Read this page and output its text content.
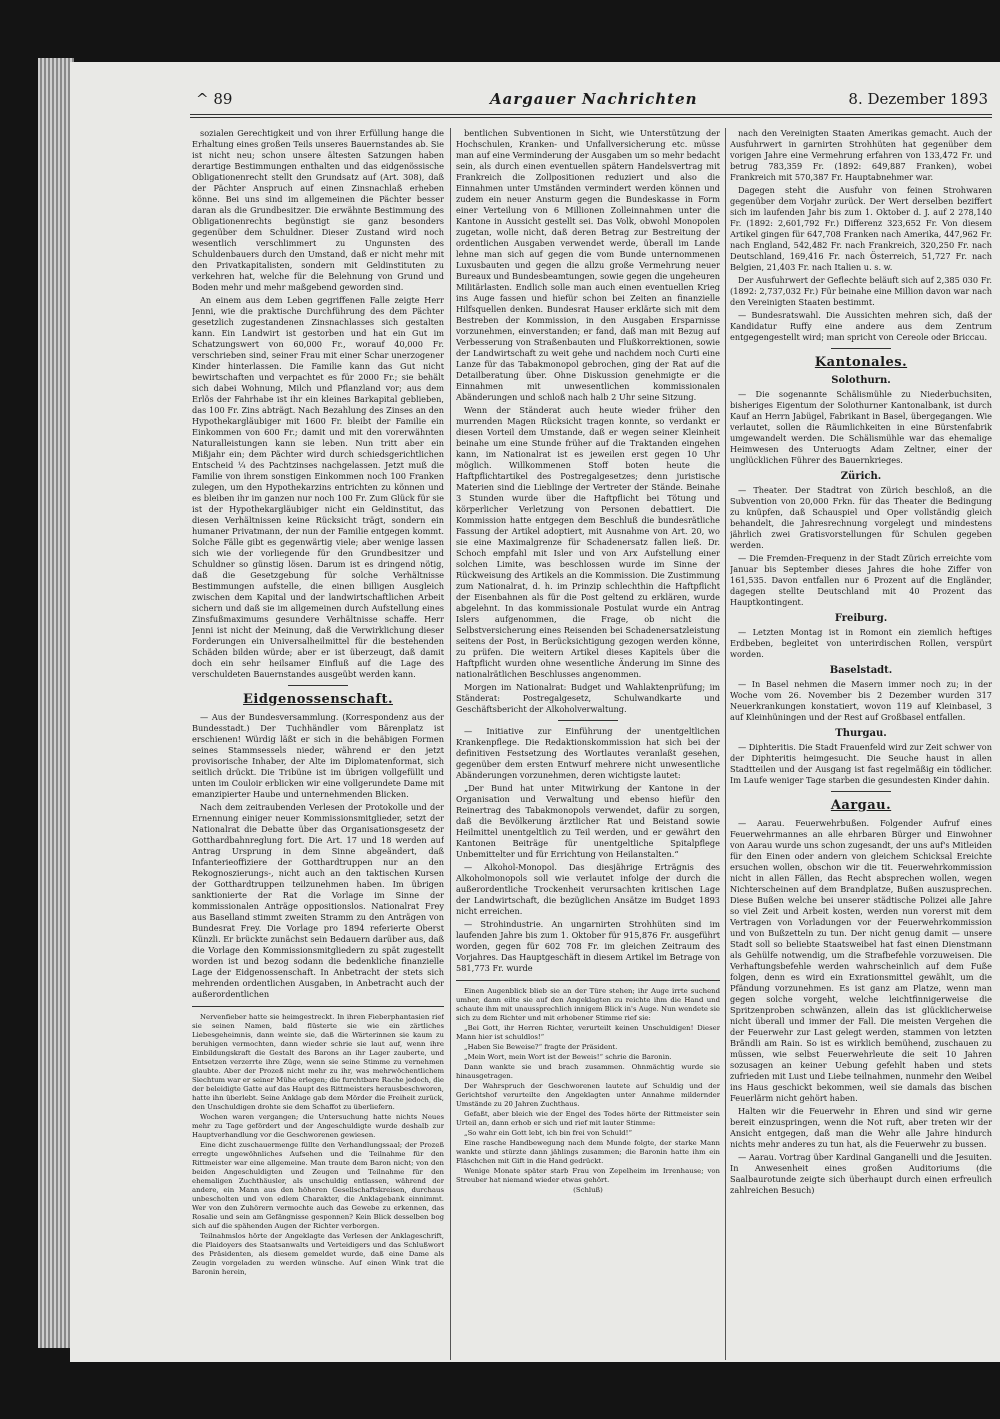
^ 89	Aargauer Nachrichten	8. Dezember 1893

sozialen Gerechtigkeit und von ihrer Erfüllung hange die Erhaltung eines großen Teils unseres Bauernstandes ab. Sie ist nicht neu; schon unsere ältesten Satzungen haben derartige Bestimmungen enthalten und das eidgenössische Obligationenrecht stellt den Grundsatz auf (Art. 308), daß der Pächter Anspruch auf einen Zinsnachlaß erheben könne. Bei uns sind im allgemeinen die Pächter besser daran als die Grundbesitzer. Die erwähnte Bestimmung des Obligationenrechts begünstigt sie ganz besonders gegenüber dem Schuldner. Dieser Zustand wird noch wesentlich verschlimmert zu Ungunsten des Schuldenbauers durch den Umstand, daß er nicht mehr mit den Privatkapitalisten, sondern mit Geldinstituten zu verkehren hat, welche für die Belehnung von Grund und Boden mehr und mehr maßgebend geworden sind.

An einem aus dem Leben gegriffenen Falle zeigte Herr Jenni, wie die praktische Durchführung des dem Pächter gesetzlich zugestandenen Zinsnachlasses sich gestalten kann. Ein Landwirt ist gestorben und hat ein Gut im Schatzungswert von 60,000 Fr., worauf 40,000 Fr. verschrieben sind, seiner Frau mit einer Schar unerzogener Kinder hinterlassen. Die Familie kann das Gut nicht bewirtschaften und verpachtet es für 2000 Fr.; sie behält sich dabei Wohnung, Milch und Pflanzland vor; aus dem Erlös der Fahrhabe ist ihr ein kleines Barkapital geblieben, das 100 Fr. Zins abträgt. Nach Bezahlung des Zinses an den Hypothekargläubiger mit 1600 Fr. bleibt der Familie ein Einkommen von 600 Fr.; damit und mit den vorerwähnten Naturalleistungen kann sie leben. Nun tritt aber ein Mißjahr ein; dem Pächter wird durch schiedsgerichtlichen Entscheid ¼ des Pachtzinses nachgelassen. Jetzt muß die Familie von ihrem sonstigen Einkommen noch 100 Franken zulegen, um den Hypothekarzins entrichten zu können und es bleiben ihr im ganzen nur noch 100 Fr. Zum Glück für sie ist der Hypothekargläubiger nicht ein Geldinstitut, das diesen Verhältnissen keine Rücksicht trägt, sondern ein humaner Privatmann, der nun der Familie entgegen kommt. Solche Fälle gibt es gegenwärtig viele; aber wenige lassen sich wie der vorliegende für den Grundbesitzer und Schuldner so günstig lösen. Darum ist es dringend nötig, daß die Gesetzgebung für solche Verhältnisse Bestimmungen aufstelle, die einen billigen Ausgleich zwischen dem Kapital und der landwirtschaftlichen Arbeit sichern und daß sie im allgemeinen durch Aufstellung eines Zinsfußmaximums gesundere Verhältnisse schaffe. Herr Jenni ist nicht der Meinung, daß die Verwirklichung dieser Forderungen ein Universalheilmittel für die bestehenden Schäden bilden würde; aber er ist überzeugt, daß damit doch ein sehr heilsamer Einfluß auf die Lage des verschuldeten Bauernstandes ausgeübt werden kann.

Eidgenossenschaft.

— Aus der Bundesversammlung. (Korrespondenz aus der Bundesstadt.) Der Tuchhändler vom Bärenplatz ist erschienen! Würdig läßt er sich in die behäbigen Formen seines Stammsessels nieder, während er den jetzt provisorische Inhaber, der Alte im Diplomatenformat, sich seitlich drückt. Die Tribüne ist im übrigen vollgefüllt und unten im Couloir erblicken wir eine vollgerundete Dame mit emanzipierter Haube und unternehmenden Blicken.

Nach dem zeitraubenden Verlesen der Protokolle und der Ernennung einiger neuer Kommissionsmitglieder, setzt der Nationalrat die Debatte über das Organisationsgesetz der Gotthardbahnreglung fort. Die Art. 17 und 18 werden auf Antrag Ursprung in dem Sinne abgeändert, daß Infanterieoffiziere der Gotthardtruppen nur an den Rekognoszierungs-, nicht auch an den taktischen Kursen der Gotthardtruppen teilzunehmen haben. Im übrigen sanktionierte der Rat die Vorlage im Sinne der kommissionalen Anträge oppositionslos. Nationalrat Frey aus Baselland stimmt zweiten Stramm zu den Anträgen von Bundesrat Frey. Die Vorlage pro 1894 referierte Oberst Künzli. Er brückte zunächst sein Bedauern darüber aus, daß die Vorlage den Kommissionsmitgliedern zu spät zugestellt worden ist und bezog sodann die bedenkliche finanzielle Lage der Eidgenossenschaft. In Anbetracht der stets sich mehrenden ordentlichen Ausgaben, in Anbetracht auch der außerordentlichen

Nervenfieber hatte sie heimgestreckt. In ihren Fieberphantasien rief sie seinen Namen, bald flüsterte sie wie ein zärtliches Liebesgeheimnis, dann weinte sie, daß die Wärterinnen sie kaum zu beruhigen vermochten, dann wieder schrie sie laut auf, wenn ihre Einbildungskraft die Gestalt des Barons an ihr Lager zauberte, und Entsetzen verzerrte ihre Züge, wenn sie seine Stimme zu vernehmen glaubte. Aber der Prozeß nicht mehr zu ihr, was mehrwöchentlichem Siechtum war er seiner Mühe erlegen; die furchtbare Rache jedoch, die der beleidigte Gatte auf das Haupt des Rittmeisters herausbeschworen, hatte ihn überlebt. Seine Anklage gab dem Mörder die Freiheit zurück, den Unschuldigen drohte sie dem Schaffot zu überliefern.

Wochen waren vergangen; die Untersuchung hatte nichts Neues mehr zu Tage gefördert und der Angeschuldigte wurde deshalb zur Hauptverhandlung vor die Geschworenen gewiesen.

Eine dicht zuschauermenge füllte den Verhandlungssaal; der Prozeß erregte ungewöhnliches Aufsehen und die Teilnahme für den Rittmeister war eine allgemeine. Man traute dem Baron nicht; von den beiden Angeschuldigten und Zeugen und Teilnahme für den ehemaligen Zuchthäusler, als unschuldig entlassen, während der andere, ein Mann aus den höheren Gesellschaftskreisen, durchaus unbescholten und von edlem Charakter, die Anklagebank einnimmt. Wer von den Zuhörern vermochte auch das Gewebe zu erkennen, das Rosalie und sein am Gefängnisse gesponnen? Kein Blick desselben bog sich auf die spähenden Augen der Richter verborgen.

Teilnahmslos hörte der Angeklagte das Verlesen der Anklageschrift, die Plaidoyers des Staatsanwalts und Verteidigers und das Schlußwort des Präsidenten, als diesem gemeldet wurde, daß eine Dame als Zeugin vorgeladen zu werden wünsche. Auf einen Wink trat die Baronin herein,

bentlichen Subventionen in Sicht, wie Unterstützung der Hochschulen, Kranken- und Unfallversicherung etc. müsse man auf eine Verminderung der Ausgaben um so mehr bedacht sein, als durch einen eventuellen spätern Handelsvertrag mit Frankreich die Zollpositionen reduziert und also die Einnahmen unter Umständen vermindert werden können und zudem ein neuer Ansturm gegen die Bundeskasse in Form einer Verteilung von 6 Millionen Zolleinnahmen unter die Kantone in Aussicht gestellt sei. Das Volk, obwohl Monopolen zugetan, wolle nicht, daß deren Betrag zur Bestreitung der ordentlichen Ausgaben verwendet werde, überall im Lande lehne man sich auf gegen die vom Bunde unternommenen Luxusbauten und gegen die allzu große Vermehrung neuer Bureaux und Bundesbeamtungen, sowie gegen die ungeheuren Militärlasten. Endlich solle man auch einen eventuellen Krieg ins Auge fassen und hiefür schon bei Zeiten an finanzielle Hilfsquellen denken. Bundesrat Hauser erklärte sich mit dem Bestreben der Kommission, in den Ausgaben Ersparnisse vorzunehmen, einverstanden; er fand, daß man mit Bezug auf Verbesserung von Straßenbauten und Flußkorrektionen, sowie der Landwirtschaft zu weit gehe und nachdem noch Curti eine Lanze für das Tabakmonopol gebrochen, ging der Rat auf die Detailberatung über. Ohne Diskussion genehmigte er die Einnahmen mit unwesentlichen kommissionalen Abänderungen und schloß nach halb 2 Uhr seine Sitzung.

Wenn der Ständerat auch heute wieder früher den murrenden Magen Rücksicht tragen konnte, so verdankt er diesen Vorteil dem Umstande, daß er wegen seiner Kleinheit beinahe um eine Stunde früher auf die Traktanden eingehen kann, im Nationalrat ist es jeweilen erst gegen 10 Uhr möglich. Willkommenen Stoff boten heute die Haftpflichtartikel des Postregalgesetzes; denn juristische Materien sind die Lieblinge der Vertreter der Stände. Beinahe 3 Stunden wurde über die Haftpflicht bei Tötung und körperlicher Verletzung von Personen debattiert. Die Kommission hatte entgegen dem Beschluß die bundesrätliche Fassung der Artikel adoptiert, mit Ausnahme von Art. 20, wo sie eine Maximalgrenze für Schadenersatz fallen ließ. Dr. Schoch empfahl mit Isler und von Arx Aufstellung einer solchen Limite, was beschlossen wurde im Sinne der Rückweisung des Artikels an die Kommission. Die Zustimmung zum Nationalrat, d. h. im Prinzip schlechthin die Haftpflicht der Eisenbahnen als für die Post geltend zu erklären, wurde abgelehnt. In das kommissionale Postulat wurde ein Antrag Islers aufgenommen, die Frage, ob nicht die Selbstversicherung eines Reisenden bei Schadenersatzleistung seitens der Post, in Berücksichtigung gezogen werden könne, zu prüfen. Die weitern Artikel dieses Kapitels über die Haftpflicht wurden ohne wesentliche Änderung im Sinne des nationalrätlichen Beschlusses angenommen.

Morgen im Nationalrat: Budget und Wahlaktenprüfung; im Ständerat: Postregalgesetz, Schulwandkarte und Geschäftsbericht der Alkoholverwaltung.

— Initiative zur Einführung der unentgeltlichen Krankenpflege. Die Redaktionskommission hat sich bei der definitiven Festsetzung des Wortlautes veranlaßt gesehen, gegenüber dem ersten Entwurf mehrere nicht unwesentliche Abänderungen vorzunehmen, deren wichtigste lautet:

„Der Bund hat unter Mitwirkung der Kantone in der Organisation und Verwaltung und ebenso hiefür den Reinertrag des Tabakmonopols verwendet, dafür zu sorgen, daß die Bevölkerung ärztlicher Rat und Beistand sowie Heilmittel unentgeltlich zu Teil werden, und er gewährt den Kantonen Beiträge für unentgeltliche Spitalpflege Unbemittelter und für Errichtung von Heilanstalten.“

— Alkohol-Monopol. Das diesjährige Erträgnis des Alkoholmonopols soll wie verlautet infolge der durch die außerordentliche Trockenheit verursachten kritischen Lage der Landwirtschaft, die bezüglichen Ansätze im Budget 1893 nicht erreichen.

— Strohindustrie. An ungarnirten Strohhüten sind im laufenden Jahre bis zum 1. Oktober für 915,876 Fr. ausgeführt worden, gegen für 602 708 Fr. im gleichen Zeitraum des Vorjahres. Das Hauptgeschäft in diesem Artikel im Betrage von 581,773 Fr. wurde

Einen Augenblick blieb sie an der Türe stehen; ihr Auge irrte suchend umher, dann eilte sie auf den Angeklagten zu reichte ihm die Hand und schaute ihm mit unaussprechlich innigem Blick in's Auge. Nun wendete sie sich zu dem Richter und mit erhobener Stimme rief sie:

„Bei Gott, ihr Herren Richter, verurteilt keinen Unschuldigen! Dieser Mann hier ist schuldlos!“

„Haben Sie Beweise?“ fragte der Präsident.

„Mein Wort, mein Wort ist der Beweis!“ schrie die Baronin.

Dann wankte sie und brach zusammen. Ohnmächtig wurde sie hinausgetragen.

Der Wahrspruch der Geschworenen lautete auf Schuldig und der Gerichtshof verurteilte den Angeklagten unter Annahme mildernder Umstände zu 20 Jahren Zuchthaus.

Gefaßt, aber bleich wie der Engel des Todes hörte der Rittmeister sein Urteil an, dann erhob er sich und rief mit lauter Stimme:

„So wahr ein Gott lebt, ich bin frei von Schuld!“

Eine rasche Handbewegung nach dem Munde folgte, der starke Mann wankte und stürzte dann jählings zusammen; die Baronin hatte ihm ein Fläschchen mit Gift in die Hand gedrückt.

Wenige Monate später starb Frau von Zepelheim im Irrenhause; von Streuber hat niemand wieder etwas gehört.

(Schluß)

nach den Vereinigten Staaten Amerikas gemacht. Auch der Ausfuhrwert in garnirten Strohhüten hat gegenüber dem vorigen Jahre eine Vermehrung erfahren von 133,472 Fr. und betrug 783,359 Fr. (1892: 649,887 Franken), wobei Frankreich mit 570,387 Fr. Hauptabnehmer war.

Dagegen steht die Ausfuhr von feinen Strohwaren gegenüber dem Vorjahr zurück. Der Wert derselben beziffert sich im laufenden Jahr bis zum 1. Oktober d. J. auf 2 278,140 Fr. (1892: 2,601,792 Fr.) Differenz 323,652 Fr. Von diesem Artikel gingen für 647,708 Franken nach Amerika, 447,962 Fr. nach England, 542,482 Fr. nach Frankreich, 320,250 Fr. nach Deutschland, 169,416 Fr. nach Österreich, 51,727 Fr. nach Belgien, 21,403 Fr. nach Italien u. s. w.

Der Ausfuhrwert der Geflechte beläuft sich auf 2,385 030 Fr. (1892: 2,737,032 Fr.) Für beinahe eine Million davon war nach den Vereinigten Staaten bestimmt.

— Bundesratswahl. Die Aussichten mehren sich, daß der Kandidatur Ruffy eine andere aus dem Zentrum entgegengestellt wird; man spricht von Cereole oder Briccau.

Kantonales.
Solothurn.

— Die sogenannte Schälismühle zu Niederbuchsiten, bisheriges Eigentum der Solothurner Kantonalbank, ist durch Kauf an Herrn Jabügel, Fabrikant in Basel, übergegangen. Wie verlautet, sollen die Räumlichkeiten in eine Bürstenfabrik umgewandelt werden. Die Schälismühle war das ehemalige Heimwesen des Unteruogts Adam Zeltner, einer der unglücklichen Führer des Bauernkrieges.

Zürich.

— Theater. Der Stadtrat von Zürich beschloß, an die Subvention von 20,000 Frkn. für das Theater die Bedingung zu knüpfen, daß Schauspiel und Oper vollständig gleich behandelt, die Jahresrechnung vorgelegt und mindestens jährlich zwei Gratisvorstellungen für Schulen gegeben werden.

— Die Fremden-Frequenz in der Stadt Zürich erreichte vom Januar bis September dieses Jahres die hohe Ziffer von 161,535. Davon entfallen nur 6 Prozent auf die Engländer, dagegen stellte Deutschland mit 40 Prozent das Hauptkontingent.

Freiburg.

— Letzten Montag ist in Romont ein ziemlich heftiges Erdbeben, begleitet von unterirdischen Rollen, verspürt worden.

Baselstadt.

— In Basel nehmen die Masern immer noch zu; in der Woche vom 26. November bis 2 Dezember wurden 317 Neuerkrankungen konstatiert, wovon 119 auf Kleinbasel, 3 auf Kleinhüningen und der Rest auf Großbasel entfallen.

Thurgau.

— Diphteritis. Die Stadt Frauenfeld wird zur Zeit schwer von der Diphteritis heimgesucht. Die Seuche haust in allen Stadtteilen und der Ausgang ist fast regelmäßig ein tödlicher. Im Laufe weniger Tage starben die gesundesten Kinder dahin.

Aargau.

— Aarau. Feuerwehrbußen. Folgender Aufruf eines Feuerwehrmannes an alle ehrbaren Bürger und Einwohner von Aarau wurde uns schon zugesandt, der uns auf's Mitleiden für den Einen oder andern von gleichem Schicksal Ereichte ersuchen wollen, obschon wir die tit. Feuerwehrkommission nicht in allen Fällen, das Recht absprechen wollen, wegen Nichterscheinen auf dem Brandplatze, Bußen auszusprechen. Diese Bußen welche bei unserer städtische Polizei alle Jahre so viel Zeit und Arbeit kosten, werden nun vorerst mit dem Vertragen von Vorladungen vor der Feuerwehrkommission und von Bußzetteln zu tun. Der nicht genug damit — unsere Stadt soll so beliebte Staatsweibel hat fast einen Dienstmann als Gehülfe notwendig, um die Strafbefehle vorzuweisen. Die Verhaftungsbefehle werden wahrscheinlich auf dem Fuße folgen, denn es wird ein Exrationsmittel gewählt, um die Pfändung vorzunehmen. Es ist ganz am Platze, wenn man gegen solche vorgeht, welche leichtfinnigerweise die Spritzenproben schwänzen, allein das ist glücklicherweise nicht überall und immer der Fall. Die meisten Vergehen die der Feuerwehr zur Last gelegt werden, stammen von letzten Brändli am Rain. So ist es wirklich bemühend, zuschauen zu müssen, wie selbst Feuerwehrleute die seit 10 Jahren sozusagen an keiner Uebung gefehlt haben und stets zufrieden mit Lust und Liebe teilnahmen, nunmehr den Weibel ins Haus geschickt bekommen, weil sie damals das bischen Feuerlärm nicht gehört haben.

Halten wir die Feuerwehr in Ehren und sind wir gerne bereit einzuspringen, wenn die Not ruft, aber treten wir der Ansicht entgegen, daß man die Wehr alle Jahre hindurch nichts mehr anderes zu tun hat, als die Feuerwehr zu bussen.

— Aarau. Vortrag über Kardinal Ganganelli und die Jesuiten. In Anwesenheit eines großen Auditoriums (die Saalbaurotunde zeigte sich überhaupt durch einen erfreulich zahlreichen Besuch)
